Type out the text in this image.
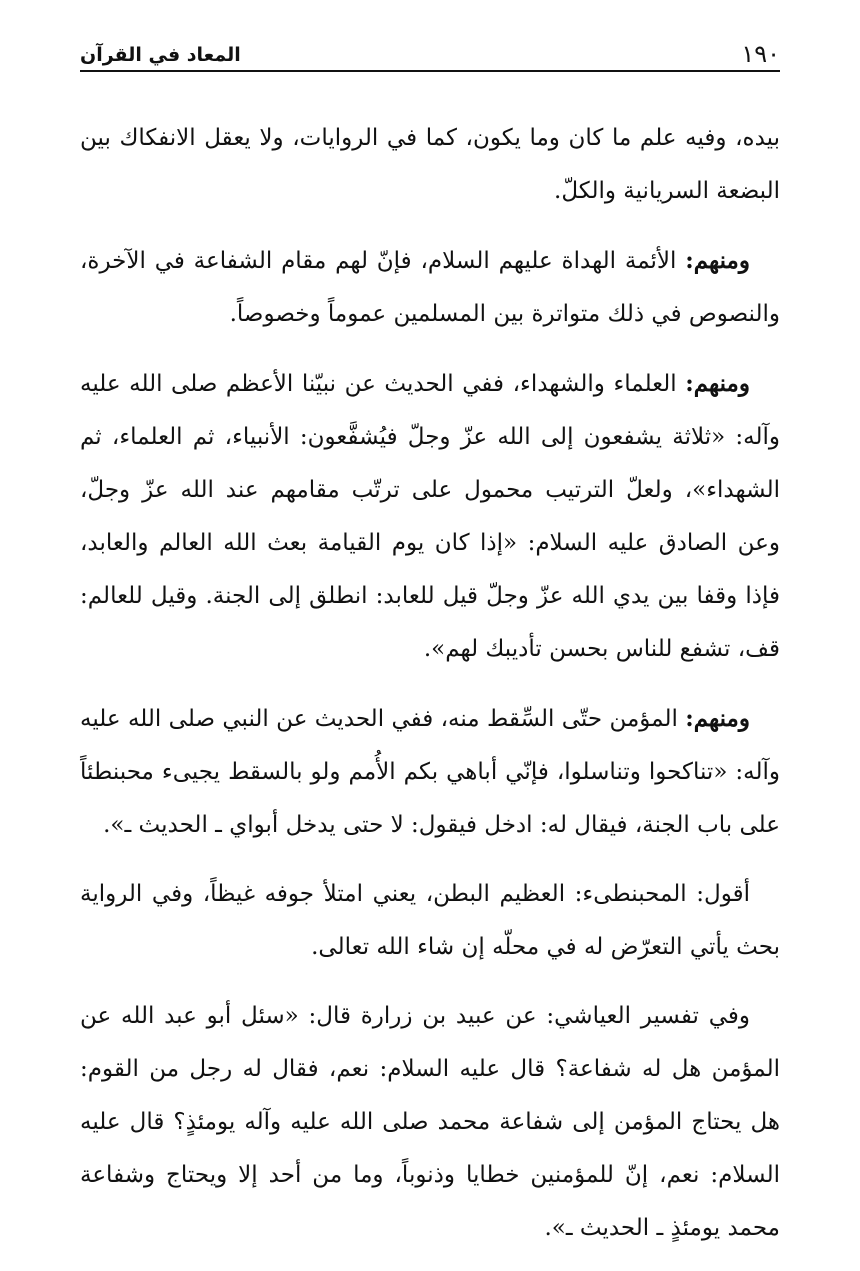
المعاد في القرآن	١٩٠

بيده، وفيه علم ما كان وما يكون، كما في الروايات، ولا يعقل الانفكاك بين البضعة السريانية والكلّ.

ومنهم: الأئمة الهداة عليهم السلام، فإنّ لهم مقام الشفاعة في الآخرة، والنصوص في ذلك متواترة بين المسلمين عموماً وخصوصاً.

ومنهم: العلماء والشهداء، ففي الحديث عن نبيّنا الأعظم صلى الله عليه وآله: «ثلاثة يشفعون إلى الله عزّ وجلّ فيُشفَّعون: الأنبياء، ثم العلماء، ثم الشهداء»، ولعلّ الترتيب محمول على ترتّب مقامهم عند الله عزّ وجلّ، وعن الصادق عليه السلام: «إذا كان يوم القيامة بعث الله العالم والعابد، فإذا وقفا بين يدي الله عزّ وجلّ قيل للعابد: انطلق إلى الجنة. وقيل للعالم: قف، تشفع للناس بحسن تأديبك لهم».

ومنهم: المؤمن حتّى السِّقط منه، ففي الحديث عن النبي صلى الله عليه وآله: «تناكحوا وتناسلوا، فإنّي أباهي بكم الأُمم ولو بالسقط يجيىء محبنطئاً على باب الجنة، فيقال له: ادخل فيقول: لا حتى يدخل أبواي ـ الحديث ـ».

أقول: المحبنطىء: العظيم البطن، يعني امتلأ جوفه غيظاً، وفي الرواية بحث يأتي التعرّض له في محلّه إن شاء الله تعالى.

وفي تفسير العياشي: عن عبيد بن زرارة قال: «سئل أبو عبد الله عن المؤمن هل له شفاعة؟ قال عليه السلام: نعم، فقال له رجل من القوم: هل يحتاج المؤمن إلى شفاعة محمد صلى الله عليه وآله يومئذٍ؟ قال عليه السلام: نعم، إنّ للمؤمنين خطايا وذنوباً، وما من أحد إلا ويحتاج وشفاعة محمد يومئذٍ ـ الحديث ـ».
